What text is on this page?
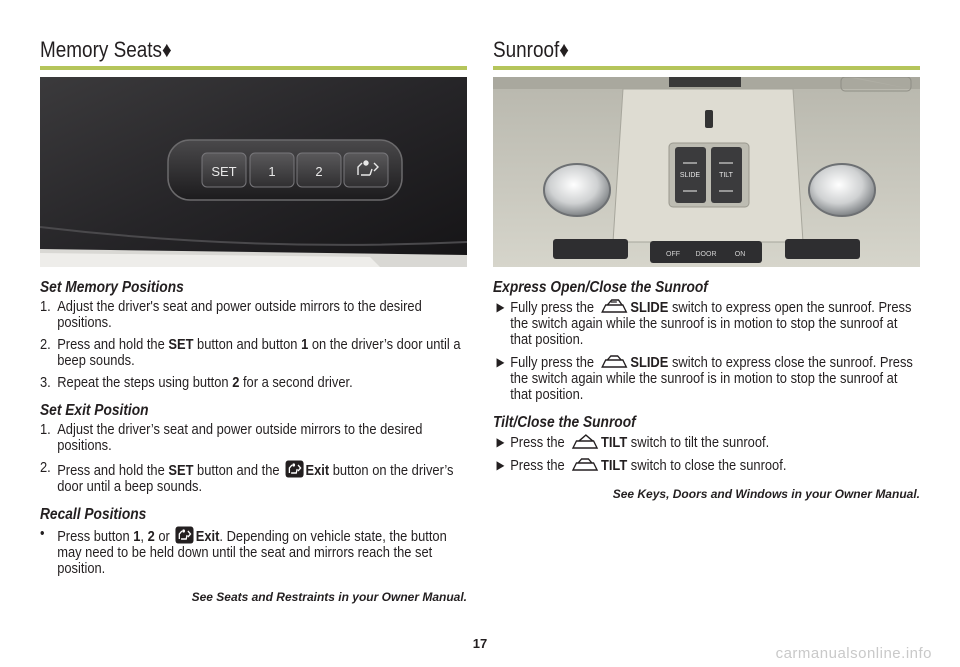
Memory Seats♦
SET 1	2
Set Memory Positions
1. Adjust the driver's seat and power outside mirrors to the desired positions.
2. Press and hold the SET button and button 1 on the driver’s door until a beep sounds.
3. Repeat the steps using button 2 for a second driver.
Set Exit Position
1. Adjust the driver’s seat and power outside mirrors to the desired positions.
2. Press and hold the SET button and the Exit button on the driver’s door until a beep sounds.
Recall Positions
• Press button 1, 2 or Exit. Depending on vehicle state, the button may need to be held down until the seat and mirrors reach the set position.
See Seats and Restraints in your Owner Manual.
Sunroof♦
SLIDE	TILT
OFF DOOR	ON
Express Open/Close the Sunroof
▶ Fully press the SLIDE switch to express open the sunroof. Press the switch again while the sunroof is in motion to stop the sunroof at that position.
▶ Fully press the SLIDE switch to express close the sunroof. Press the switch again while the sunroof is in motion to stop the sunroof at that position.
Tilt/Close the Sunroof
▶ Press the TILT switch to tilt the sunroof.
▶ Press the TILT switch to close the sunroof.
See Keys, Doors and Windows in your Owner Manual.
17
carmanualsonline.info
